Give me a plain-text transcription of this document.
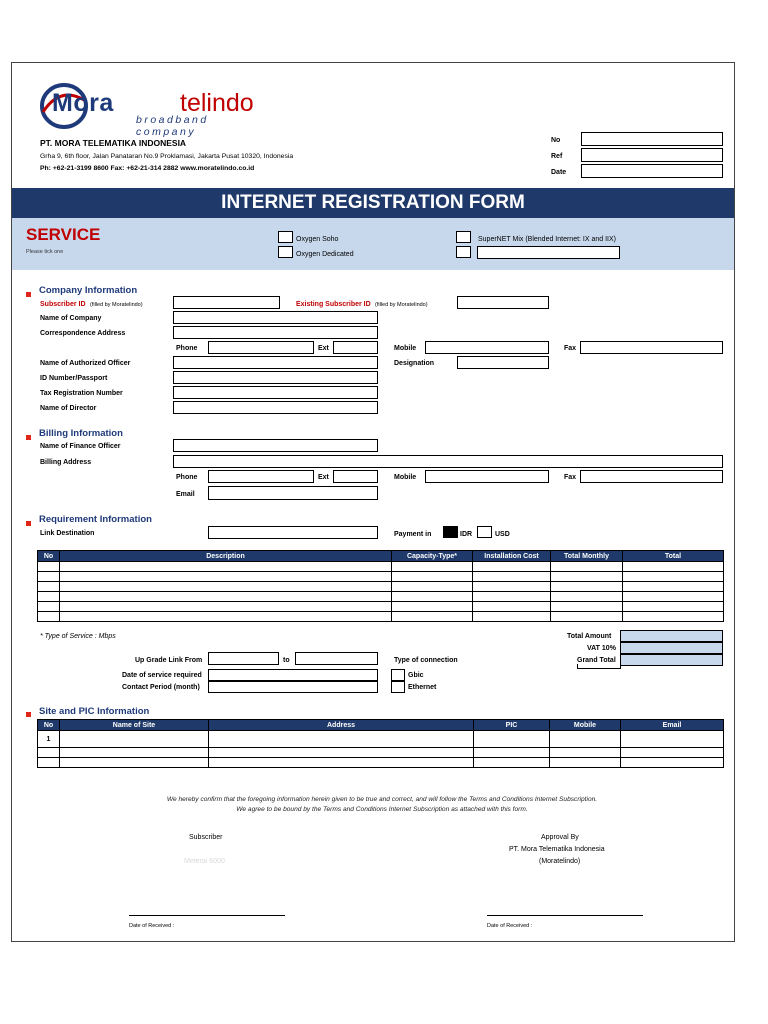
Mora	telindo
broadband company
PT. MORA TELEMATIKA INDONESIA
Grha 9, 6th floor, Jalan Panataran No.9 Proklamasi, Jakarta Pusat 10320, Indonesia
Ph: +62-21-3199 8600 Fax: +62-21-314 2882 www.moratelindo.co.id
No
Ref
Date
INTERNET REGISTRATION FORM
SERVICE
Please tick one
Oxygen Soho
Oxygen Dedicated
SuperNET Mix (Blended Internet: IX and IIX)
Company Information
Subscriber ID (filled by Moratelindo)	Existing Subscriber ID (filled by Moratelindo)
Name of Company
Correspondence Address
Phone	Ext	Mobile	Fax
Name of Authorized Officer	Designation
ID Number/Passport
Tax Registration Number
Name of Director
Billing Information
Name of Finance Officer
Billing Address
Phone	Ext	Mobile	Fax
Email
Requirement Information
Link Destination	Payment in	IDR	USD
No	Description	Capacity-Type*	Installation Cost	Total Monthly	Total

* Type of Service : Mbps	Total Amount
VAT 10%
Grand Total
Up Grade Link From	to	Type of connection
Date of service required
Contact Period (month)
Gbic
Ethernet
Site and PIC Information
No	Name of Site	Address	PIC	Mobile	Email
1					

We hereby confirm that the foregoing information herein given to be true and correct, and will follow the Terms and Conditions Internet Subscription.
We agree to be bound by the Terms and Conditions Internet Subscription as attached with this form.
Subscriber
Meterai 6000
Approval By
PT. Mora Telematika Indonesia
(Moratelindo)
Date of Received :	Date of Received :
